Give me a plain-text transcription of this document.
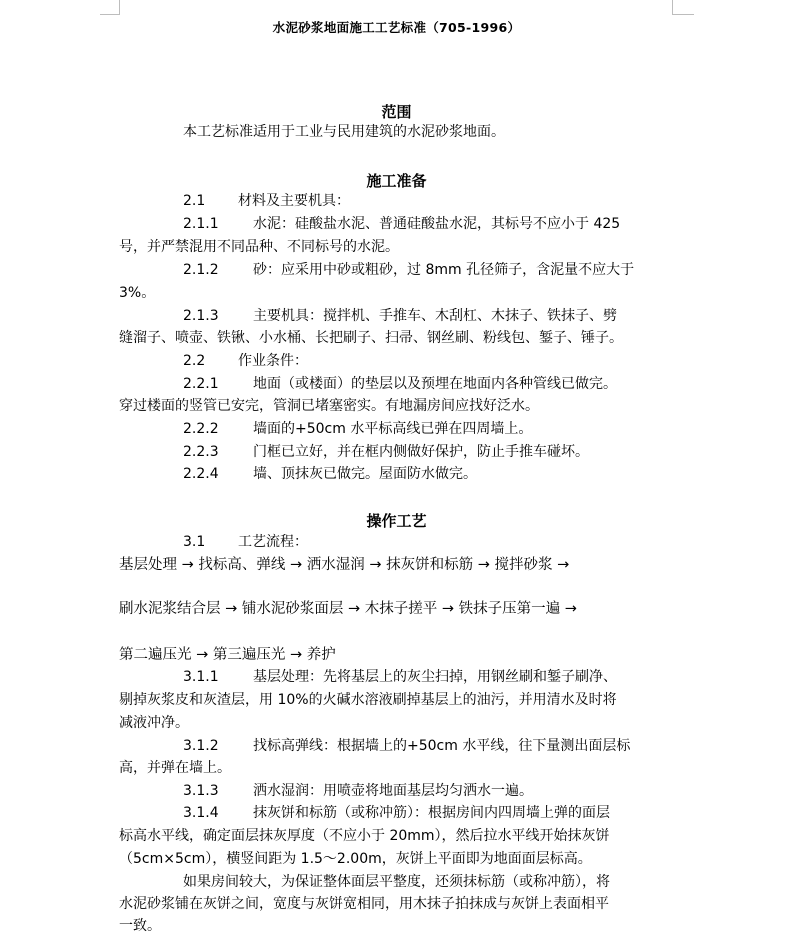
水泥砂浆地面施工工艺标准（705-1996）
范围
本工艺标准适用于工业与民用建筑的水泥砂浆地面。
施工准备
2.1 材料及主要机具：
2.1.1 水泥：硅酸盐水泥、普通硅酸盐水泥，其标号不应小于 425
号，并严禁混用不同品种、不同标号的水泥。
2.1.2 砂：应采用中砂或粗砂，过 8mm 孔径筛子，含泥量不应大于
3%。
2.1.3 主要机具：搅拌机、手推车、木刮杠、木抹子、铁抹子、劈
缝溜子、喷壶、铁锹、小水桶、长把刷子、扫帚、钢丝刷、粉线包、錾子、锤子。
2.2 作业条件：
2.2.1 地面（或楼面）的垫层以及预埋在地面内各种管线已做完。
穿过楼面的竖管已安完，管洞已堵塞密实。有地漏房间应找好泛水。
2.2.2 墙面的+50cm 水平标高线已弹在四周墙上。
2.2.3 门框已立好，并在框内侧做好保护，防止手推车碰坏。
2.2.4 墙、顶抹灰已做完。屋面防水做完。
操作工艺
3.1 工艺流程：
基层处理 → 找标高、弹线 → 洒水湿润 → 抹灰饼和标筋 → 搅拌砂浆 →
刷水泥浆结合层 → 铺水泥砂浆面层 → 木抹子搓平 → 铁抹子压第一遍 →
第二遍压光 → 第三遍压光 → 养护
3.1.1 基层处理：先将基层上的灰尘扫掉，用钢丝刷和錾子刷净、
剔掉灰浆皮和灰渣层，用 10%的火碱水溶液刷掉基层上的油污，并用清水及时将
减液冲净。
3.1.2 找标高弹线：根据墙上的+50cm 水平线，往下量测出面层标
高，并弹在墙上。
3.1.3 洒水湿润：用喷壶将地面基层均匀洒水一遍。
3.1.4 抹灰饼和标筋（或称冲筋）：根据房间内四周墙上弹的面层
标高水平线，确定面层抹灰厚度（不应小于 20mm），然后拉水平线开始抹灰饼
（5cm×5cm），横竖间距为 1.5～2.00m，灰饼上平面即为地面面层标高。
如果房间较大，为保证整体面层平整度，还须抹标筋（或称冲筋），将
水泥砂浆铺在灰饼之间，宽度与灰饼宽相同，用木抹子拍抹成与灰饼上表面相平
一致。
